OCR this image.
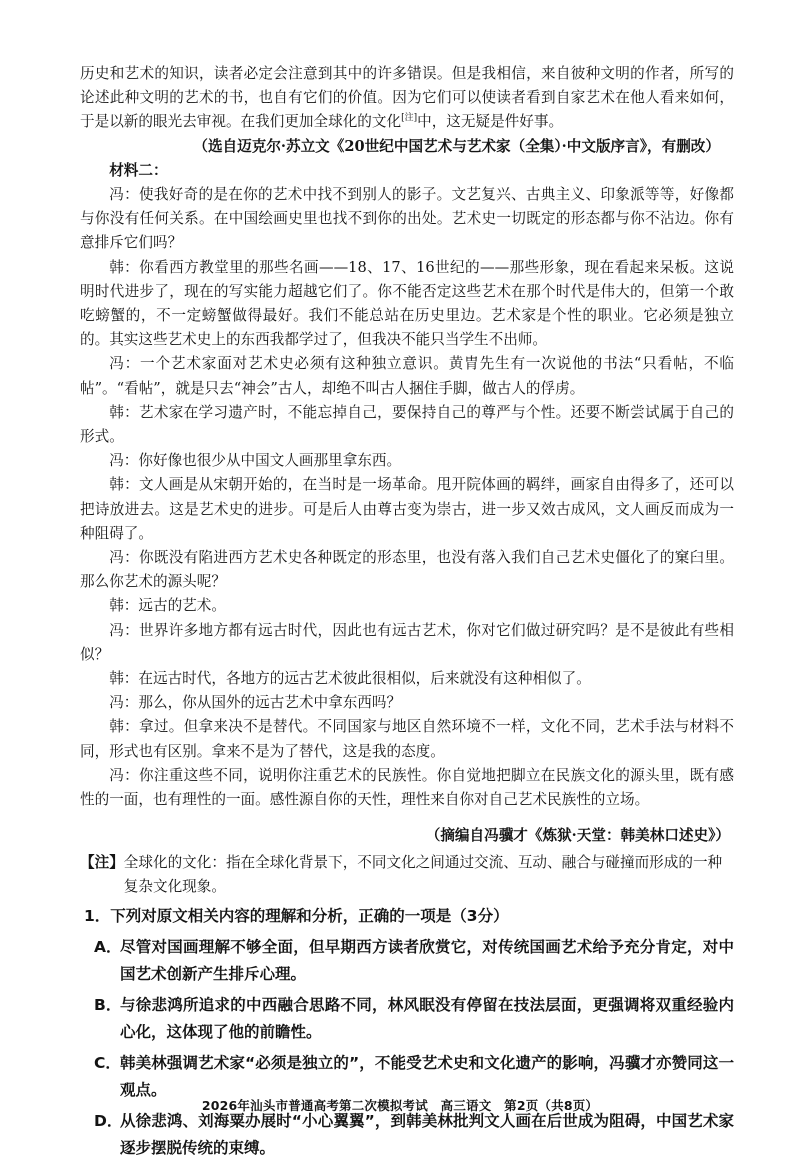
历史和艺术的知识，读者必定会注意到其中的许多错误。但是我相信，来自彼种文明的作者，所写的论述此种文明的艺术的书，也自有它们的价值。因为它们可以使读者看到自家艺术在他人看来如何，于是以新的眼光去审视。在我们更加全球化的文化[注]中，这无疑是件好事。

（选自迈克尔·苏立文《20世纪中国艺术与艺术家（全集）·中文版序言》，有删改）

材料二：

冯：使我好奇的是在你的艺术中找不到别人的影子。文艺复兴、古典主义、印象派等等，好像都与你没有任何关系。在中国绘画史里也找不到你的出处。艺术史一切既定的形态都与你不沾边。你有意排斥它们吗？

韩：你看西方教堂里的那些名画——18、17、16世纪的——那些形象，现在看起来呆板。这说明时代进步了，现在的写实能力超越它们了。你不能否定这些艺术在那个时代是伟大的，但第一个敢吃螃蟹的，不一定螃蟹做得最好。我们不能总站在历史里边。艺术家是个性的职业。它必须是独立的。其实这些艺术史上的东西我都学过了，但我决不能只当学生不出师。

冯：一个艺术家面对艺术史必须有这种独立意识。黄胄先生有一次说他的书法“只看帖，不临帖”。“看帖”，就是只去“神会”古人，却绝不叫古人捆住手脚，做古人的俘虏。

韩：艺术家在学习遗产时，不能忘掉自己，要保持自己的尊严与个性。还要不断尝试属于自己的形式。

冯：你好像也很少从中国文人画那里拿东西。

韩：文人画是从宋朝开始的，在当时是一场革命。甩开院体画的羁绊，画家自由得多了，还可以把诗放进去。这是艺术史的进步。可是后人由尊古变为崇古，进一步又效古成风，文人画反而成为一种阻碍了。

冯：你既没有陷进西方艺术史各种既定的形态里，也没有落入我们自己艺术史僵化了的窠臼里。那么你艺术的源头呢？

韩：远古的艺术。

冯：世界许多地方都有远古时代，因此也有远古艺术，你对它们做过研究吗？是不是彼此有些相似？

韩：在远古时代，各地方的远古艺术彼此很相似，后来就没有这种相似了。

冯：那么，你从国外的远古艺术中拿东西吗？

韩：拿过。但拿来决不是替代。不同国家与地区自然环境不一样，文化不同，艺术手法与材料不同，形式也有区别。拿来不是为了替代，这是我的态度。

冯：你注重这些不同，说明你注重艺术的民族性。你自觉地把脚立在民族文化的源头里，既有感性的一面，也有理性的一面。感性源自你的天性，理性来自你对自己艺术民族性的立场。

（摘编自冯骥才《炼狱·天堂：韩美林口述史》）

【注】 全球化的文化：指在全球化背景下，不同文化之间通过交流、互动、融合与碰撞而形成的一种复杂文化现象。
1．下列对原文相关内容的理解和分析，正确的一项是（3分）
A．
尽管对国画理解不够全面，但早期西方读者欣赏它，对传统国画艺术给予充分肯定，对中国艺术创新产生排斥心理。
B．
与徐悲鸿所追求的中西融合思路不同，林风眠没有停留在技法层面，更强调将双重经验内心化，这体现了他的前瞻性。
C． 韩美林强调艺术家“必须是独立的”，不能受艺术史和文化遗产的影响，冯骥才亦赞同这一观点。
D．
从徐悲鸿、刘海粟办展时“小心翼翼”，到韩美林批判文人画在后世成为阻碍，中国艺术家逐步摆脱传统的束缚。
2026年汕头市普通高考第二次模拟考试　高三语文　第2页（共8页）
